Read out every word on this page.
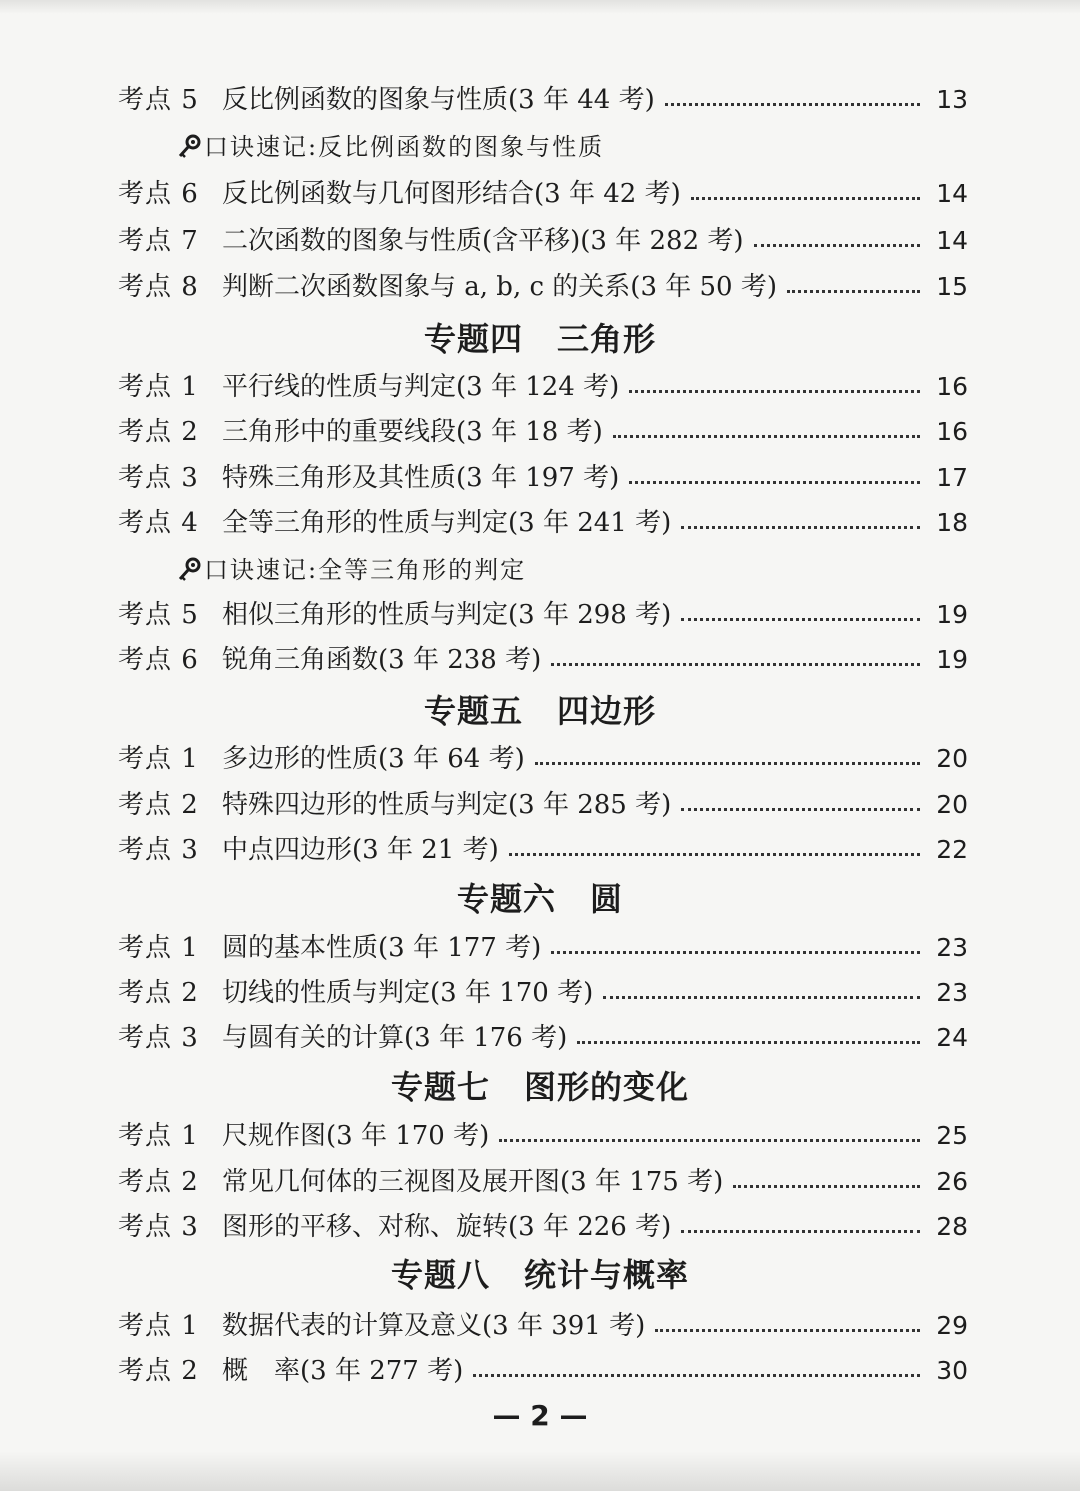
考点 5 反比例函数的图象与性质(3 年 44 考)	13
口诀速记:反比例函数的图象与性质
考点 6 反比例函数与几何图形结合(3 年 42 考)	14
考点 7 二次函数的图象与性质(含平移)(3 年 282 考)	14
考点 8 判断二次函数图象与 a, b, c 的关系(3 年 50 考)	15
专题四 三角形
考点 1 平行线的性质与判定(3 年 124 考)	16
考点 2 三角形中的重要线段(3 年 18 考)	16
考点 3 特殊三角形及其性质(3 年 197 考)	17
考点 4 全等三角形的性质与判定(3 年 241 考)	18
口诀速记:全等三角形的判定
考点 5 相似三角形的性质与判定(3 年 298 考)	19
考点 6 锐角三角函数(3 年 238 考)	19
专题五 四边形
考点 1 多边形的性质(3 年 64 考)	20
考点 2 特殊四边形的性质与判定(3 年 285 考)	20
考点 3 中点四边形(3 年 21 考)	22
专题六 圆
考点 1 圆的基本性质(3 年 177 考)	23
考点 2 切线的性质与判定(3 年 170 考)	23
考点 3 与圆有关的计算(3 年 176 考)	24
专题七 图形的变化
考点 1 尺规作图(3 年 170 考)	25
考点 2 常见几何体的三视图及展开图(3 年 175 考)	26
考点 3 图形的平移、对称、旋转(3 年 226 考)	28
专题八 统计与概率
考点 1 数据代表的计算及意义(3 年 391 考)	29
考点 2 概　率(3 年 277 考)	30
— 2 —
